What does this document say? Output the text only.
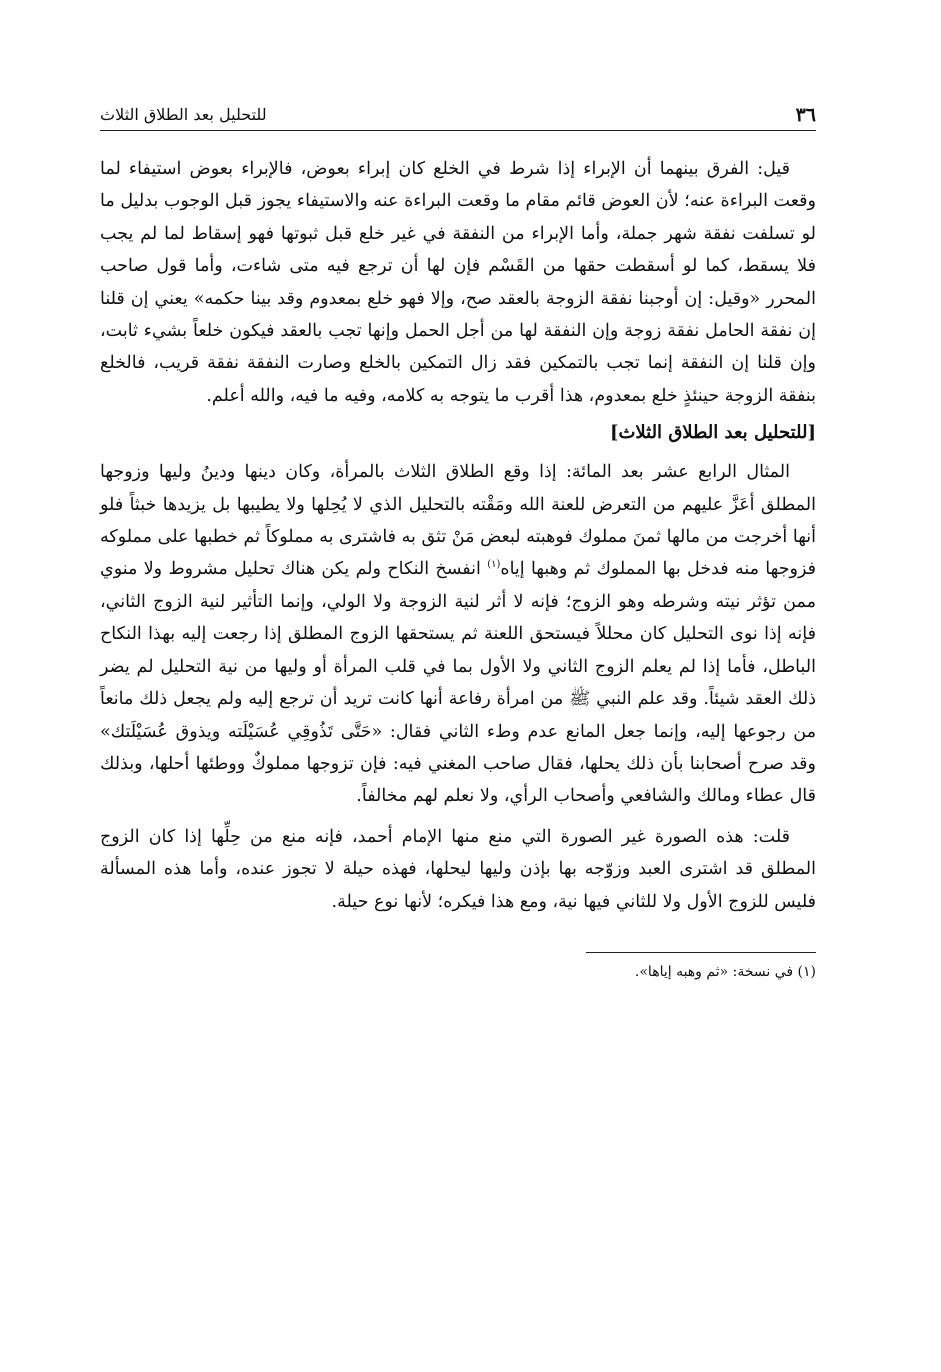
٣٦
للتحليل بعد الطلاق الثلاث

قيل: الفرق بينهما أن الإبراء إذا شرط في الخلع كان إبراء بعوض، فالإبراء بعوض استيفاء لما وقعت البراءة عنه؛ لأن العوض قائم مقام ما وقعت البراءة عنه والاستيفاء يجوز قبل الوجوب بدليل ما لو تسلفت نفقة شهر جملة، وأما الإبراء من النفقة في غير خلع قبل ثبوتها فهو إسقاط لما لم يجب فلا يسقط، كما لو أسقطت حقها من القَسْم فإن لها أن ترجع فيه متى شاءت، وأما قول صاحب المحرر «وقيل: إن أوجبنا نفقة الزوجة بالعقد صح، وإلا فهو خلع بمعدوم وقد بينا حكمه» يعني إن قلنا إن نفقة الحامل نفقة زوجة وإن النفقة لها من أجل الحمل وإنها تجب بالعقد فيكون خلعاً بشيء ثابت، وإن قلنا إن النفقة إنما تجب بالتمكين فقد زال التمكين بالخلع وصارت النفقة نفقة قريب، فالخلع بنفقة الزوجة حينئذٍ خلع بمعدوم، هذا أقرب ما يتوجه به كلامه، وفيه ما فيه، والله أعلم.

[للتحليل بعد الطلاق الثلاث]

المثال الرابع عشر بعد المائة: إذا وقع الطلاق الثلاث بالمرأة، وكان دينها ودينُ وليها وزوجها المطلق أعَزَّ عليهم من التعرض للعنة الله ومَقْته بالتحليل الذي لا يُحِلها ولا يطيبها بل يزيدها خبثاً فلو أنها أخرجت من مالها ثمنَ مملوك فوهبته لبعض مَنْ تثق به فاشترى به مملوكاً ثم خطبها على مملوكه فزوجها منه فدخل بها المملوك ثم وهبها إياه$^{(١)}$ انفسخ النكاح ولم يكن هناك تحليل مشروط ولا منوي ممن تؤثر نيته وشرطه وهو الزوج؛ فإنه لا أثر لنية الزوجة ولا الولي، وإنما التأثير لنية الزوج الثاني، فإنه إذا نوى التحليل كان محللاً فيستحق اللعنة ثم يستحقها الزوج المطلق إذا رجعت إليه بهذا النكاح الباطل، فأما إذا لم يعلم الزوج الثاني ولا الأول بما في قلب المرأة أو وليها من نية التحليل لم يضر ذلك العقد شيئاً. وقد علم النبي ﷺ من امرأة رفاعة أنها كانت تريد أن ترجع إليه ولم يجعل ذلك مانعاً من رجوعها إليه، وإنما جعل المانع عدم وطء الثاني فقال: «حَتَّى تَذُوقِي عُسَيْلَته ويذوق عُسَيْلَتك» وقد صرح أصحابنا بأن ذلك يحلها، فقال صاحب المغني فيه: فإن تزوجها مملوكٌ ووطئها أحلها، وبذلك قال عطاء ومالك والشافعي وأصحاب الرأي، ولا نعلم لهم مخالفاً.

قلت: هذه الصورة غير الصورة التي منع منها الإمام أحمد، فإنه منع من حِلِّها إذا كان الزوج المطلق قد اشترى العبد وزوّجه بها بإذن وليها ليحلها، فهذه حيلة لا تجوز عنده، وأما هذه المسألة فليس للزوج الأول ولا للثاني فيها نية، ومع هذا فيكره؛ لأنها نوع حيلة.

(١) في نسخة: «ثم وهبه إياها».
